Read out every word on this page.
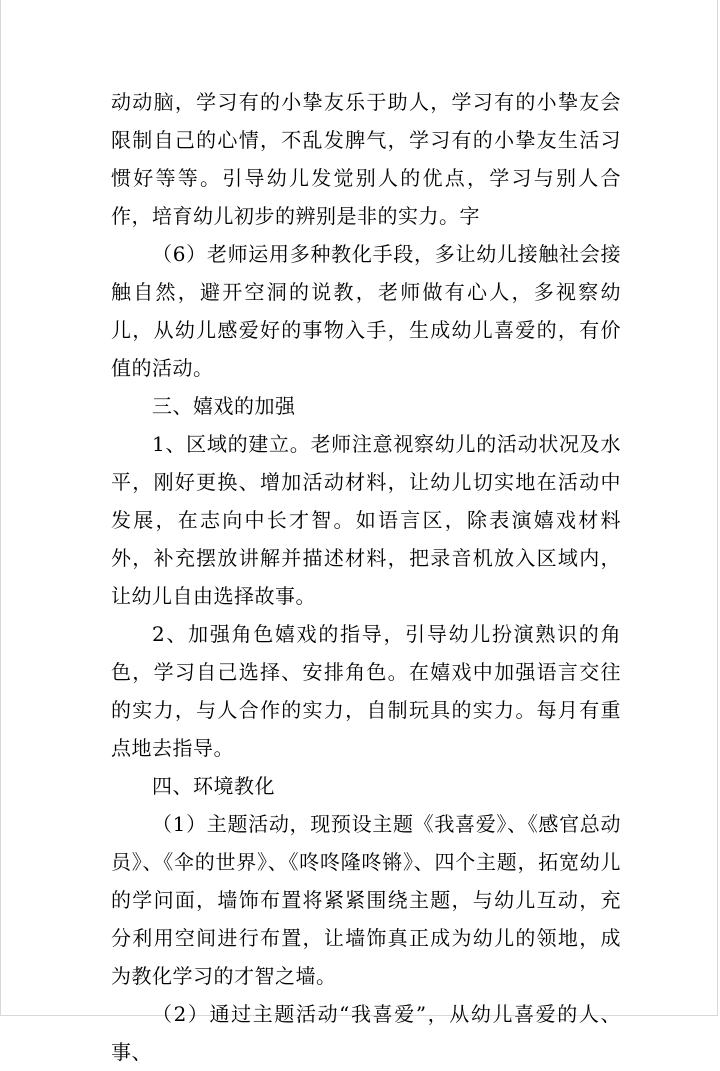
动动脑，学习有的小挚友乐于助人，学习有的小挚友会限制自己的心情，不乱发脾气，学习有的小挚友生活习惯好等等。引导幼儿发觉别人的优点，学习与别人合作，培育幼儿初步的辨别是非的实力。字

（6）老师运用多种教化手段，多让幼儿接触社会接触自然，避开空洞的说教，老师做有心人，多视察幼儿，从幼儿感爱好的事物入手，生成幼儿喜爱的，有价值的活动。

三、嬉戏的加强

1、区域的建立。老师注意视察幼儿的活动状况及水平，刚好更换、增加活动材料，让幼儿切实地在活动中发展，在志向中长才智。如语言区，除表演嬉戏材料外，补充摆放讲解并描述材料，把录音机放入区域内，让幼儿自由选择故事。

2、加强角色嬉戏的指导，引导幼儿扮演熟识的角色，学习自己选择、安排角色。在嬉戏中加强语言交往的实力，与人合作的实力，自制玩具的实力。每月有重点地去指导。

四、环境教化

（1）主题活动，现预设主题《我喜爱》、《感官总动员》、《伞的世界》、《咚咚隆咚锵》、四个主题，拓宽幼儿的学问面，墙饰布置将紧紧围绕主题，与幼儿互动，充分利用空间进行布置，让墙饰真正成为幼儿的领地，成为教化学习的才智之墙。

（2）通过主题活动“我喜爱”，从幼儿喜爱的人、事、
